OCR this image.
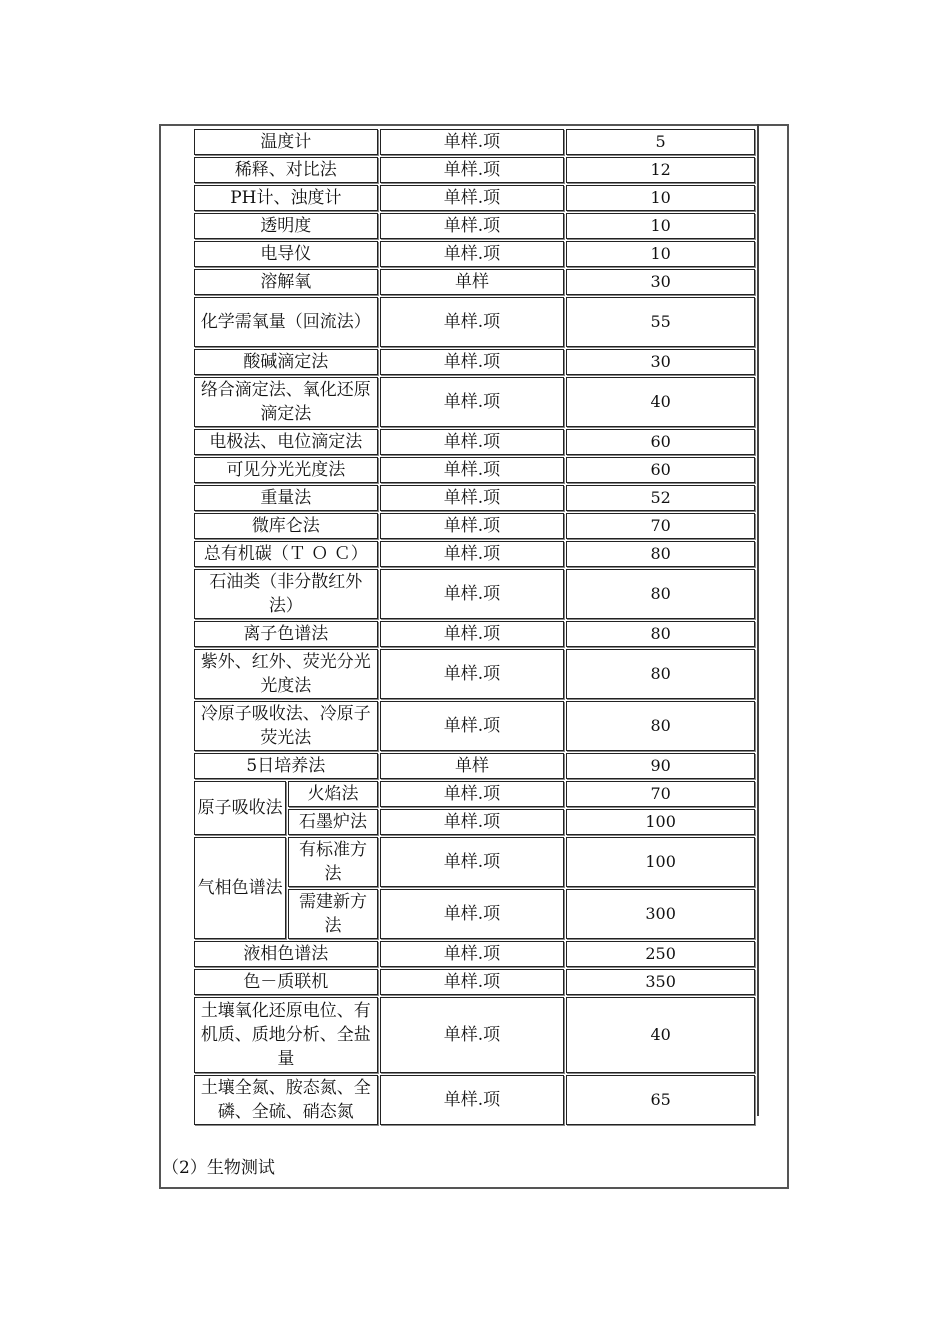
温度计		单样.项	5
稀释、对比法		单样.项	12
PH计、浊度计		单样.项	10
透明度		单样.项	10
电导仪		单样.项	10
溶解氧		单样	30
化学需氧量（回流法）		单样.项	55
酸碱滴定法		单样.项	30
络合滴定法、氧化还原滴定法		单样.项	40
电极法、电位滴定法		单样.项	60
可见分光光度法		单样.项	60
重量法		单样.项	52
微库仑法		单样.项	70
总有机碳（Ｔ Ｏ Ｃ）		单样.项	80
石油类（非分散红外法）		单样.项	80
离子色谱法		单样.项	80
紫外、红外、荧光分光光度法		单样.项	80
冷原子吸收法、冷原子荧光法		单样.项	80
5日培养法		单样	90
原子吸收法	火焰法	单样.项	70
	石墨炉法	单样.项	100
气相色谱法	有标准方法	单样.项	100
	需建新方法	单样.项	300
液相色谱法		单样.项	250
色－质联机		单样.项	350
土壤氧化还原电位、有机质、质地分析、全盐量		单样.项	40
土壤全氮、胺态氮、全磷、全硫、硝态氮		单样.项	65
（2）生物测试
